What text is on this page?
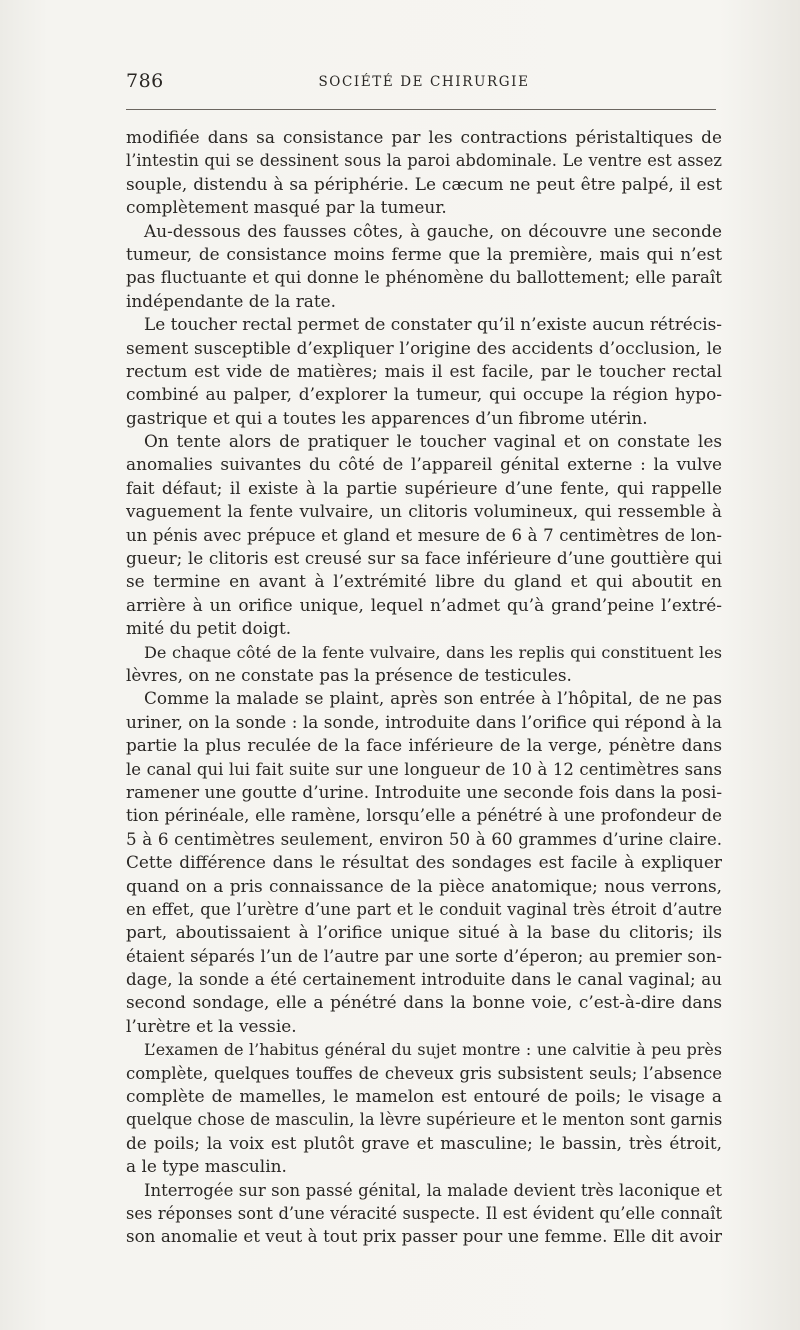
786	SOCIÉTÉ DE CHIRURGIE
modifiée dans sa consistance par les contractions péristaltiques de
l’intestin qui se dessinent sous la paroi abdominale. Le ventre est assez
souple, distendu à sa périphérie. Le cæcum ne peut être palpé, il est
complètement masqué par la tumeur.
Au-dessous des fausses côtes, à gauche, on découvre une seconde
tumeur, de consistance moins ferme que la première, mais qui n’est
pas fluctuante et qui donne le phénomène du ballottement; elle paraît
indépendante de la rate.
Le toucher rectal permet de constater qu’il n’existe aucun rétrécis-
sement susceptible d’expliquer l’origine des accidents d’occlusion, le
rectum est vide de matières; mais il est facile, par le toucher rectal
combiné au palper, d’explorer la tumeur, qui occupe la région hypo-
gastrique et qui a toutes les apparences d’un fibrome utérin.
On tente alors de pratiquer le toucher vaginal et on constate les
anomalies suivantes du côté de l’appareil génital externe : la vulve
fait défaut; il existe à la partie supérieure d’une fente, qui rappelle
vaguement la fente vulvaire, un clitoris volumineux, qui ressemble à
un pénis avec prépuce et gland et mesure de 6 à 7 centimètres de lon-
gueur; le clitoris est creusé sur sa face inférieure d’une gouttière qui
se termine en avant à l’extrémité libre du gland et qui aboutit en
arrière à un orifice unique, lequel n’admet qu’à grand’peine l’extré-
mité du petit doigt.
De chaque côté de la fente vulvaire, dans les replis qui constituent les
lèvres, on ne constate pas la présence de testicules.
Comme la malade se plaint, après son entrée à l’hôpital, de ne pas
uriner, on la sonde : la sonde, introduite dans l’orifice qui répond à la
partie la plus reculée de la face inférieure de la verge, pénètre dans
le canal qui lui fait suite sur une longueur de 10 à 12 centimètres sans
ramener une goutte d’urine. Introduite une seconde fois dans la posi-
tion périnéale, elle ramène, lorsqu’elle a pénétré à une profondeur de
5 à 6 centimètres seulement, environ 50 à 60 grammes d’urine claire.
Cette différence dans le résultat des sondages est facile à expliquer
quand on a pris connaissance de la pièce anatomique; nous verrons,
en effet, que l’urètre d’une part et le conduit vaginal très étroit d’autre
part, aboutissaient à l’orifice unique situé à la base du clitoris; ils
étaient séparés l’un de l’autre par une sorte d’éperon; au premier son-
dage, la sonde a été certainement introduite dans le canal vaginal; au
second sondage, elle a pénétré dans la bonne voie, c’est-à-dire dans
l’urètre et la vessie.
L’examen de l’habitus général du sujet montre : une calvitie à peu près
complète, quelques touffes de cheveux gris subsistent seuls; l’absence
complète de mamelles, le mamelon est entouré de poils; le visage a
quelque chose de masculin, la lèvre supérieure et le menton sont garnis
de poils; la voix est plutôt grave et masculine; le bassin, très étroit,
a le type masculin.
Interrogée sur son passé génital, la malade devient très laconique et
ses réponses sont d’une véracité suspecte. Il est évident qu’elle connaît
son anomalie et veut à tout prix passer pour une femme. Elle dit avoir
